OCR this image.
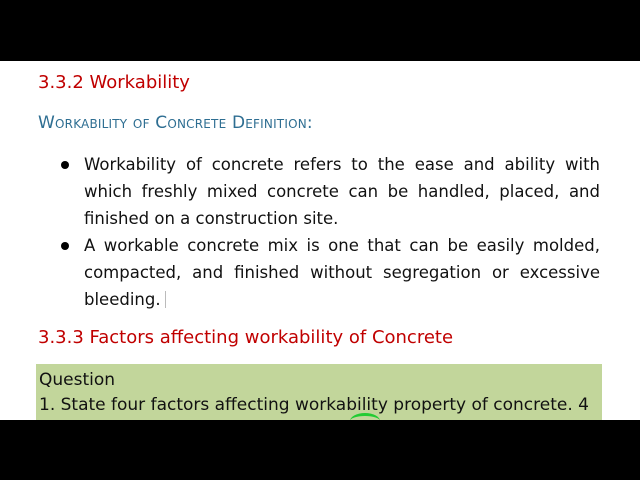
3.3.2 Workability
Workability of Concrete Definition:
Workability of concrete refers to the ease and ability with which freshly mixed concrete can be handled, placed, and finished on a construction site.
A workable concrete mix is one that can be easily molded, compacted, and finished without segregation or excessive bleeding.
3.3.3 Factors affecting workability of Concrete
Question
1. State four factors affecting workability property of concrete. 4
